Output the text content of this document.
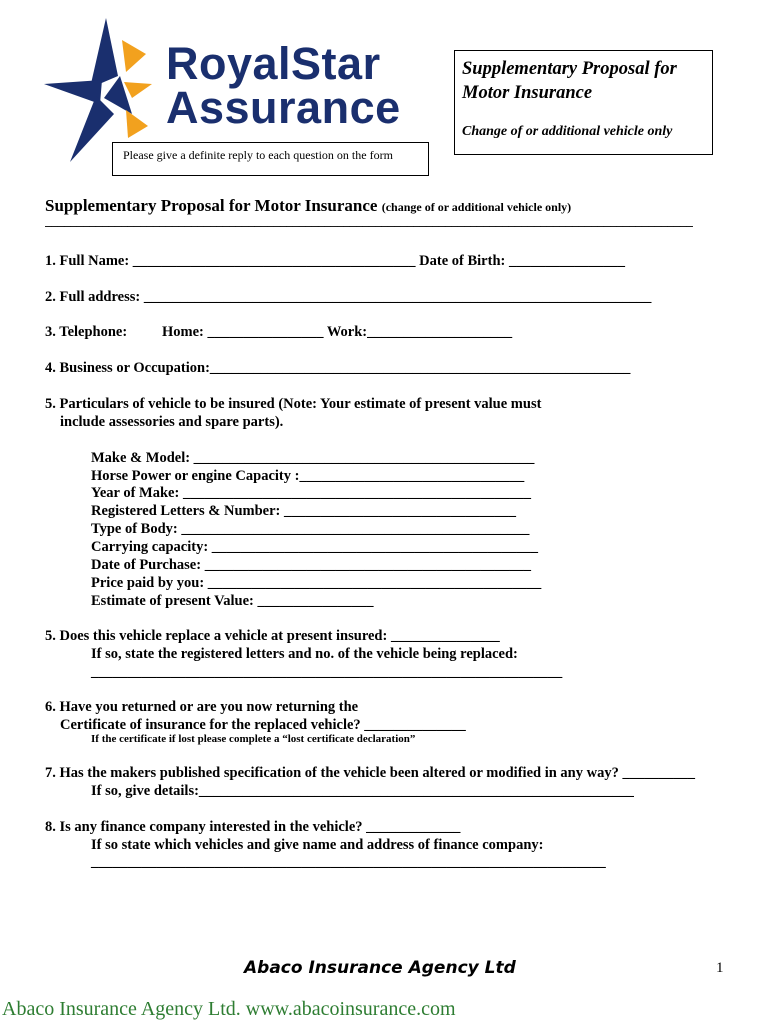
RoyalStar
Assurance
Please give a definite reply to each question on the form
Supplementary Proposal for Motor Insurance
Change of or additional vehicle only
Supplementary Proposal for Motor Insurance (change of or additional vehicle only)
______________________________________________________________________________________________________
1. Full Name: _______________________________________ Date of Birth: ________________
2. Full address: ______________________________________________________________________
3. Telephone: Home: ________________ Work:____________________
4. Business or Occupation:__________________________________________________________
5. Particulars of vehicle to be insured (Note: Your estimate of present value must
include assessories and spare parts).
Make & Model: _______________________________________________
Horse Power or engine Capacity :_______________________________
Year of Make: ________________________________________________
Registered Letters & Number: ________________________________
Type of Body: ________________________________________________
Carrying capacity: _____________________________________________
Date of Purchase: _____________________________________________
Price paid by you: ______________________________________________
Estimate of present Value: ________________
5. Does this vehicle replace a vehicle at present insured: _______________
If so, state the registered letters and no. of the vehicle being replaced:
_________________________________________________________________
6. Have you returned or are you now returning the
Certificate of insurance for the replaced vehicle? ______________
If the certificate if lost please complete a “lost certificate declaration”
7. Has the makers published specification of the vehicle been altered or modified in any way? __________
If so, give details:____________________________________________________________
8. Is any finance company interested in the vehicle? _____________
If so state which vehicles and give name and address of finance company:
_______________________________________________________________________
Abaco Insurance Agency Ltd	1
Abaco Insurance Agency Ltd. www.abacoinsurance.com
